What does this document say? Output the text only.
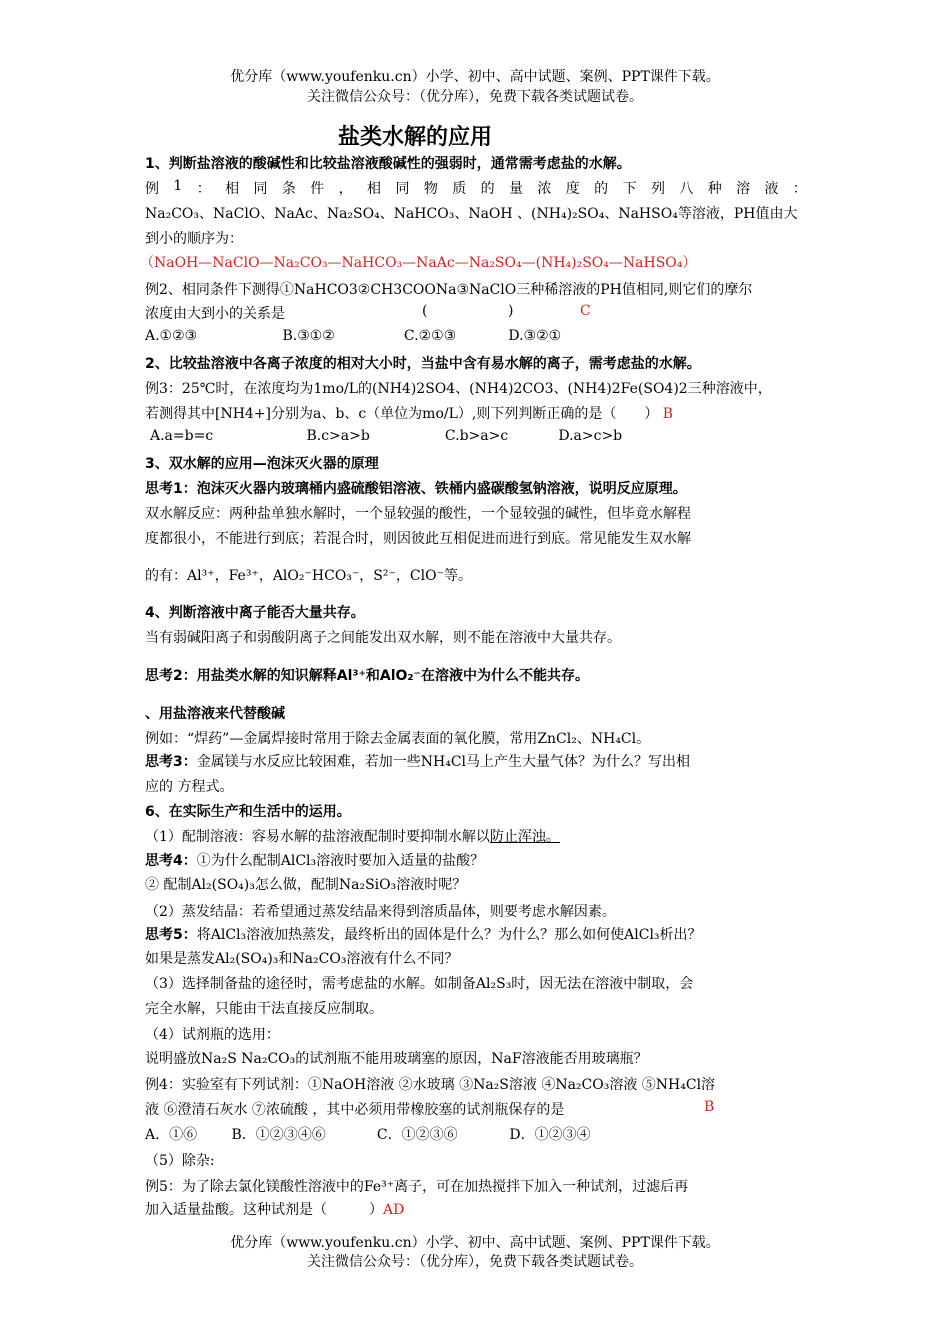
优分库（www.youfenku.cn）小学、初中、高中试题、案例、PPT课件下载。
关注微信公众号：（优分库），免费下载各类试题试卷。
盐类水解的应用
1、判断盐溶液的酸碱性和比较盐溶液酸碱性的强弱时，通常需考虑盐的水解。
例 1 ： 相 同 条 件 ， 相 同 物 质 的 量 浓 度 的 下 列 八 种 溶 液 ：
Na₂CO₃、NaClO、NaAc、Na₂SO₄、NaHCO₃、NaOH 、(NH₄)₂SO₄、NaHSO₄等溶液，PH值由大
到小的顺序为：
（NaOH—NaClO—Na₂CO₃—NaHCO₃—NaAc—Na₂SO₄—(NH₄)₂SO₄—NaHSO₄）
例2、相同条件下测得①NaHCO3②CH3COONa③NaClO三种稀溶液的PH值相同,则它们的摩尔
浓度由大到小的关系是	(	)	C
A.①②③	B.③①②	C.②①③	D.③②①
2、比较盐溶液中各离子浓度的相对大小时，当盐中含有易水解的离子，需考虑盐的水解。
例3：25℃时，在浓度均为1mo/L的(NH4)2SO4、(NH4)2CO3、(NH4)2Fe(SO4)2三种溶液中，
若测得其中[NH4+]分别为a、b、c（单位为mo/L）,则下列判断正确的是（　　） B
A.a=b=c	B.c>a>b	C.b>a>c	D.a>c>b
3、双水解的应用—泡沫灭火器的原理
思考1：泡沫灭火器内玻璃桶内盛硫酸铝溶液、铁桶内盛碳酸氢钠溶液，说明反应原理。
双水解反应：两种盐单独水解时，一个显较强的酸性，一个显较强的碱性，但毕竟水解程
度都很小，不能进行到底；若混合时，则因彼此互相促进而进行到底。常见能发生双水解
的有：Al³⁺，Fe³⁺，AlO₂⁻HCO₃⁻，S²⁻，ClO⁻等。
4、判断溶液中离子能否大量共存。
当有弱碱阳离子和弱酸阴离子之间能发出双水解，则不能在溶液中大量共存。
思考2：用盐类水解的知识解释Al³⁺和AlO₂⁻在溶液中为什么不能共存。
、用盐溶液来代替酸碱
例如：“焊药”—金属焊接时常用于除去金属表面的氧化膜，常用ZnCl₂、NH₄Cl。
思考3：金属镁与水反应比较困难，若加一些NH₄Cl马上产生大量气体？为什么？写出相
应的 方程式。
6、在实际生产和生活中的运用。
（1）配制溶液：容易水解的盐溶液配制时要抑制水解以防止浑浊。
思考4：①为什么配制AlCl₃溶液时要加入适量的盐酸？
② 配制Al₂(SO₄)₃怎么做，配制Na₂SiO₃溶液时呢？
（2）蒸发结晶：若希望通过蒸发结晶来得到溶质晶体，则要考虑水解因素。
思考5：将AlCl₃溶液加热蒸发，最终析出的固体是什么？为什么？那么如何使AlCl₃析出？
如果是蒸发Al₂(SO₄)₃和Na₂CO₃溶液有什么不同？
（3）选择制备盐的途径时，需考虑盐的水解。如制备Al₂S₃时，因无法在溶液中制取，会
完全水解，只能由干法直接反应制取。
（4）试剂瓶的选用：
说明盛放Na₂S Na₂CO₃的试剂瓶不能用玻璃塞的原因，NaF溶液能否用玻璃瓶？
例4：实验室有下列试剂：①NaOH溶液 ②水玻璃 ③Na₂S溶液 ④Na₂CO₃溶液 ⑤NH₄Cl溶
液 ⑥澄清石灰水 ⑦浓硫酸 ，其中必须用带橡胶塞的试剂瓶保存的是	B
A．①⑥ B．①②③④⑥	C．①②③⑥	D．①②③④
（5）除杂:
例5：为了除去氯化镁酸性溶液中的Fe³⁺离子，可在加热搅拌下加入一种试剂，过滤后再
加入适量盐酸。这种试剂是（　　　）AD
优分库（www.youfenku.cn）小学、初中、高中试题、案例、PPT课件下载。
关注微信公众号：（优分库），免费下载各类试题试卷。
